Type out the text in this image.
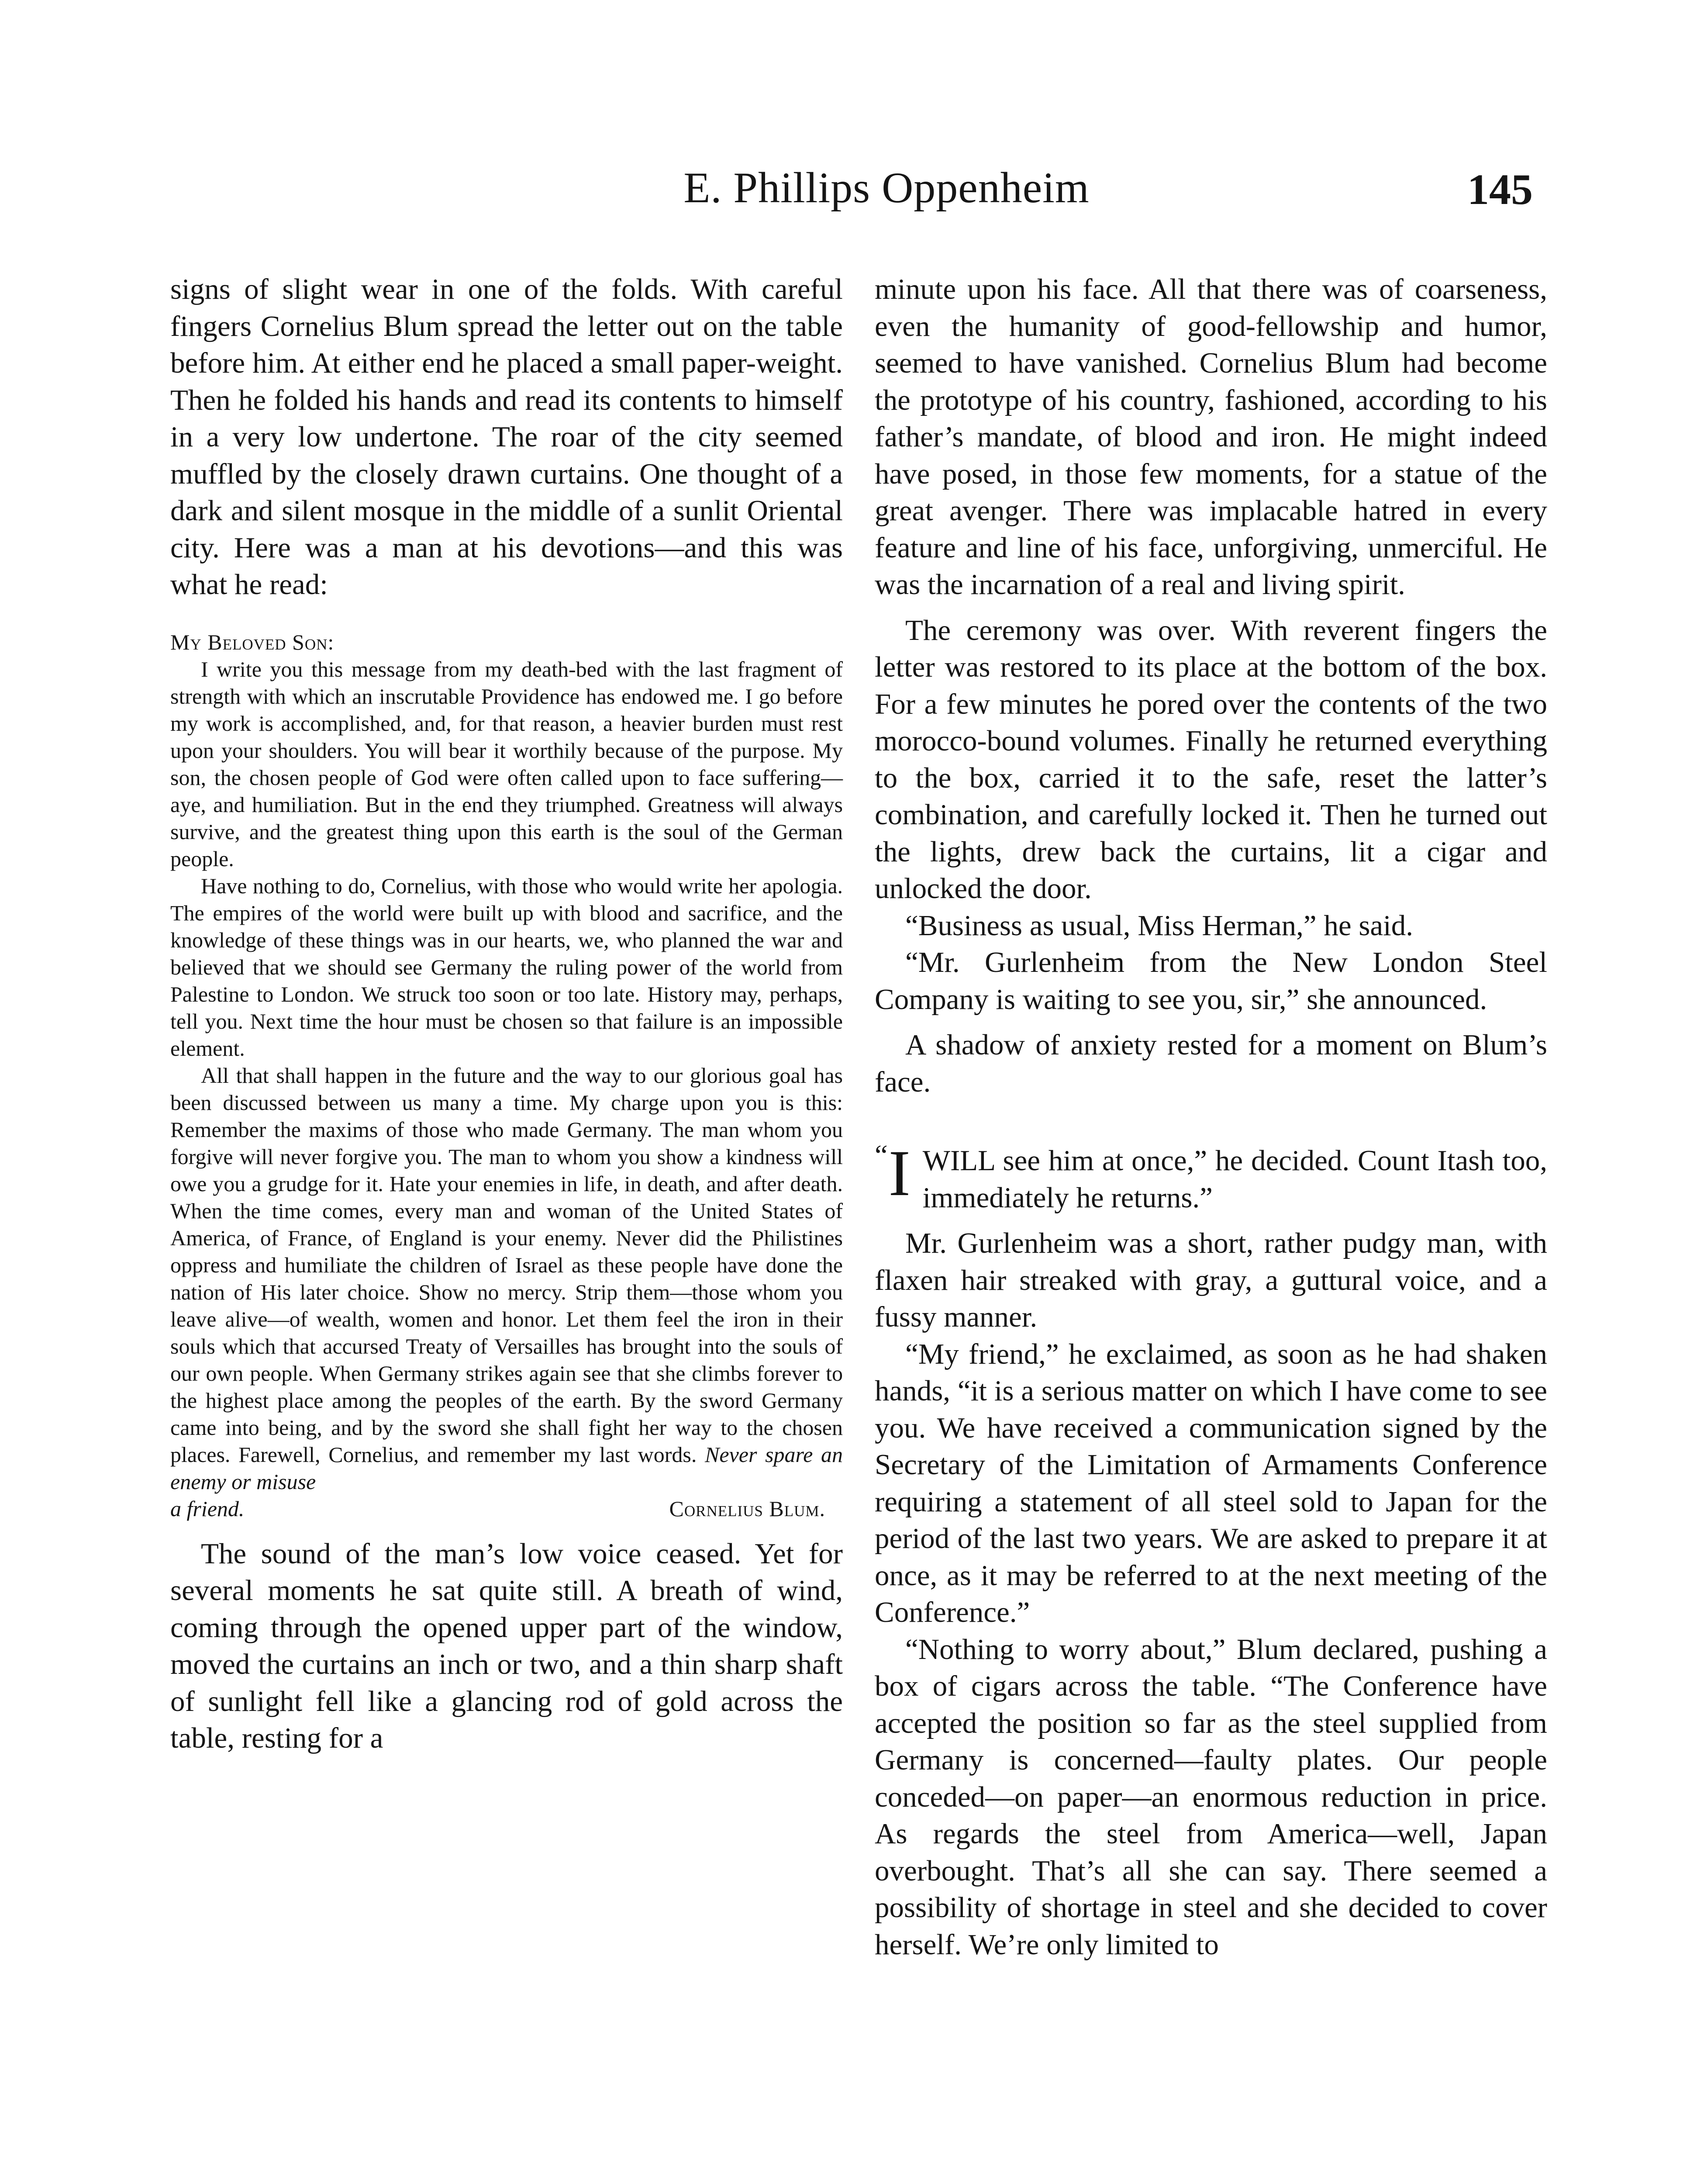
E. Phillips Oppenheim	145

signs of slight wear in one of the folds. With careful fingers Cornelius Blum spread the letter out on the table before him. At either end he placed a small paper-weight. Then he folded his hands and read its contents to himself in a very low undertone. The roar of the city seemed muffled by the closely drawn curtains. One thought of a dark and silent mosque in the middle of a sunlit Oriental city. Here was a man at his devotions—and this was what he read:

My Beloved Son:

I write you this message from my death-bed with the last fragment of strength with which an inscrutable Providence has endowed me. I go before my work is accomplished, and, for that reason, a heavier burden must rest upon your shoulders. You will bear it worthily because of the purpose. My son, the chosen people of God were often called upon to face suffering—aye, and humiliation. But in the end they triumphed. Greatness will always survive, and the greatest thing upon this earth is the soul of the German people.

Have nothing to do, Cornelius, with those who would write her apologia. The empires of the world were built up with blood and sacrifice, and the knowledge of these things was in our hearts, we, who planned the war and believed that we should see Germany the ruling power of the world from Palestine to London. We struck too soon or too late. History may, perhaps, tell you. Next time the hour must be chosen so that failure is an impossible element.

All that shall happen in the future and the way to our glorious goal has been discussed between us many a time. My charge upon you is this: Remember the maxims of those who made Germany. The man whom you forgive will never forgive you. The man to whom you show a kindness will owe you a grudge for it. Hate your enemies in life, in death, and after death. When the time comes, every man and woman of the United States of America, of France, of England is your enemy. Never did the Philistines oppress and humiliate the children of Israel as these people have done the nation of His later choice. Show no mercy. Strip them—those whom you leave alive—of wealth, women and honor. Let them feel the iron in their souls which that accursed Treaty of Versailles has brought into the souls of our own people. When Germany strikes again see that she climbs forever to the highest place among the peoples of the earth. By the sword Germany came into being, and by the sword she shall fight her way to the chosen places. Farewell, Cornelius, and remember my last words. Never spare an enemy or misuse

a friend.	Cornelius Blum.

The sound of the man’s low voice ceased. Yet for several moments he sat quite still. A breath of wind, coming through the opened upper part of the window, moved the curtains an inch or two, and a thin sharp shaft of sunlight fell like a glancing rod of gold across the table, resting for a

minute upon his face. All that there was of coarseness, even the humanity of good-fellowship and humor, seemed to have vanished. Cornelius Blum had become the prototype of his country, fashioned, according to his father’s mandate, of blood and iron. He might indeed have posed, in those few moments, for a statue of the great avenger. There was implacable hatred in every feature and line of his face, unforgiving, unmerciful. He was the incarnation of a real and living spirit.

The ceremony was over. With reverent fingers the letter was restored to its place at the bottom of the box. For a few minutes he pored over the contents of the two morocco-bound volumes. Finally he returned everything to the box, carried it to the safe, reset the latter’s combination, and carefully locked it. Then he turned out the lights, drew back the curtains, lit a cigar and unlocked the door.

“Business as usual, Miss Herman,” he said.

“Mr. Gurlenheim from the New London Steel Company is waiting to see you, sir,” she announced.

A shadow of anxiety rested for a moment on Blum’s face.

“ I WILL see him at once,” he decided. Count Itash too, immediately he returns.”

Mr. Gurlenheim was a short, rather pudgy man, with flaxen hair streaked with gray, a guttural voice, and a fussy manner.

“My friend,” he exclaimed, as soon as he had shaken hands, “it is a serious matter on which I have come to see you. We have received a communication signed by the Secretary of the Limitation of Armaments Conference requiring a statement of all steel sold to Japan for the period of the last two years. We are asked to prepare it at once, as it may be referred to at the next meeting of the Conference.”

“Nothing to worry about,” Blum declared, pushing a box of cigars across the table. “The Conference have accepted the position so far as the steel supplied from Germany is concerned—faulty plates. Our people conceded—on paper—an enormous reduction in price. As regards the steel from America—well, Japan overbought. That’s all she can say. There seemed a possibility of shortage in steel and she decided to cover herself. We’re only limited to
